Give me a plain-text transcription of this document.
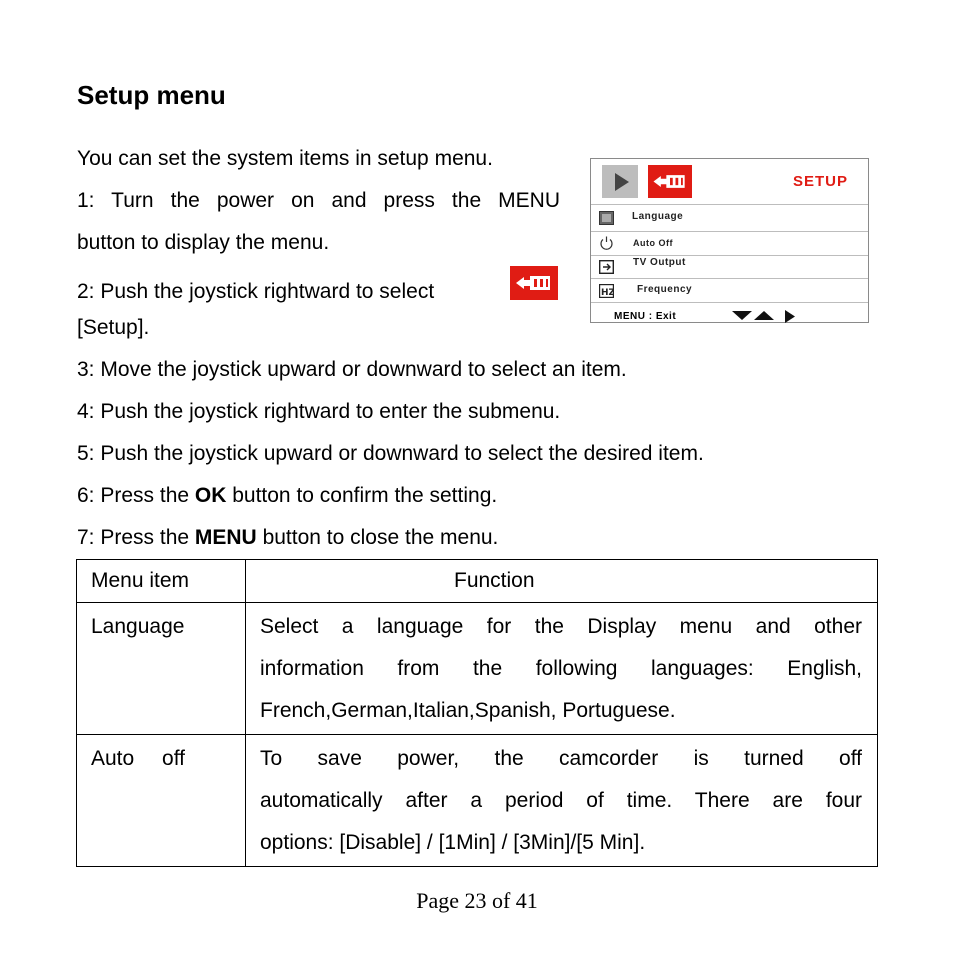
Setup menu
You can set the system items in setup menu.
1: Turn the power on and press the MENU
button to display the menu.
2: Push the joystick rightward to select
[Setup].
SETUP
Language
Auto Off
TV Output
HZ Frequency
MENU : Exit
3: Move the joystick upward or downward to select an item.
4: Push the joystick rightward to enter the submenu.
5: Push the joystick upward or downward to select the desired item.
6: Press the OK button to confirm the setting.
7: Press the MENU button to close the menu.
Menu item	Function

Language	Select a language for the Display menu and other
information from the following languages: English,
French,German,Italian,Spanish, Portuguese.

Auto off	To save power, the camcorder is turned off
automatically after a period of time. There are four
options: [Disable] / [1Min] / [3Min]/[5 Min].
Page 23 of 41
